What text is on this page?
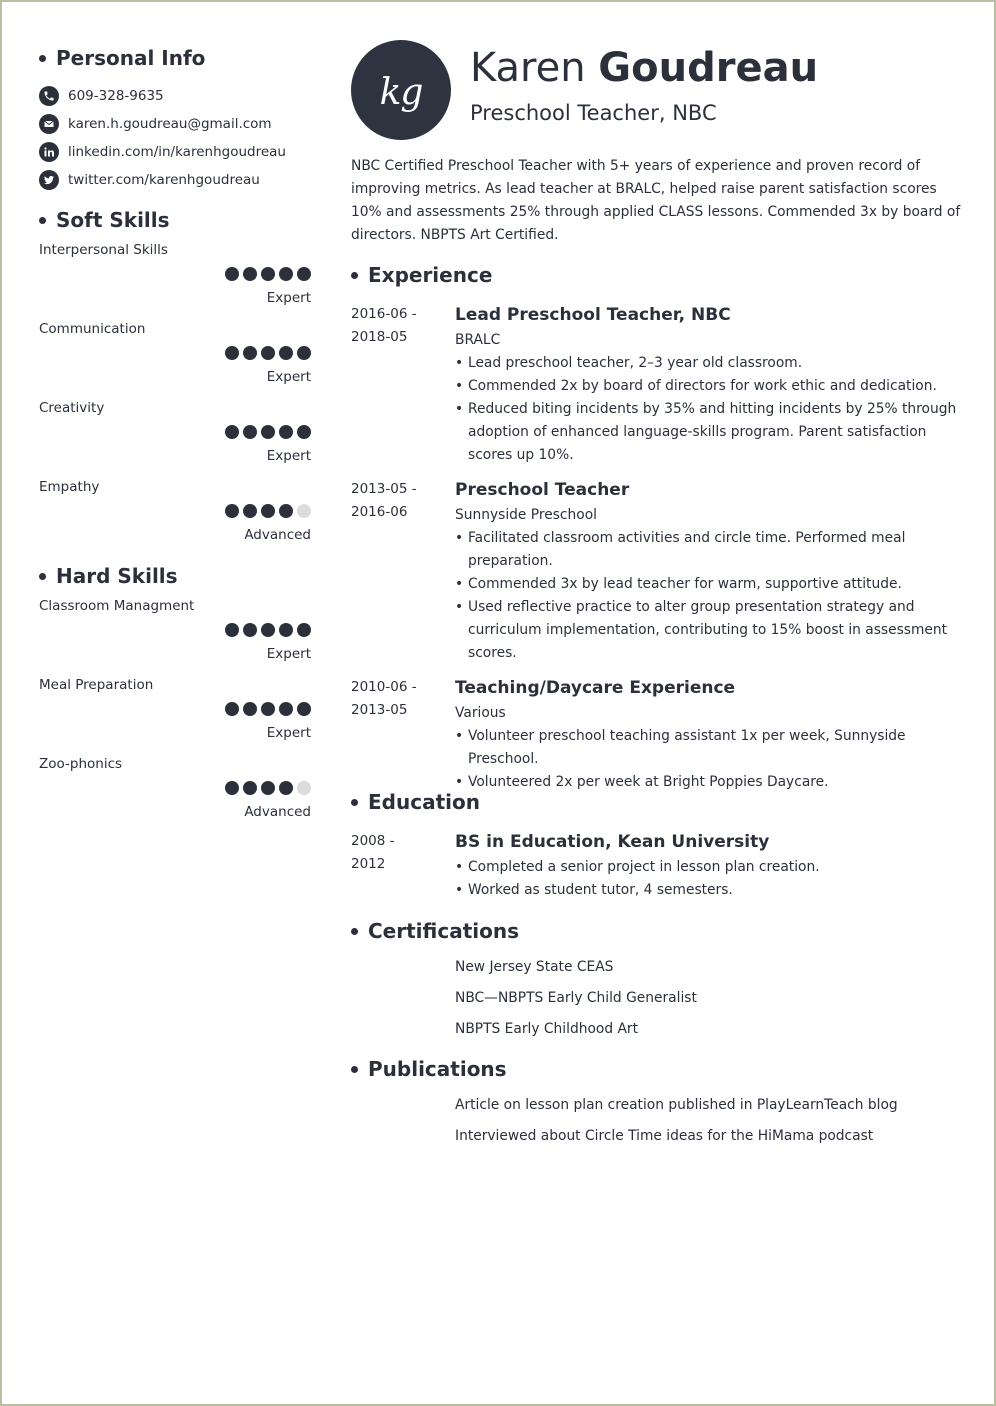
Personal Info
609-328-9635
karen.h.goudreau@gmail.com
linkedin.com/in/karenhgoudreau
twitter.com/karenhgoudreau
Soft Skills
Interpersonal Skills
Expert
Communication
Expert
Creativity
Expert
Empathy
Advanced
Hard Skills
Classroom Managment
Expert
Meal Preparation
Expert
Zoo-phonics
Advanced
kg
Karen Goudreau
Preschool Teacher, NBC
NBC Certified Preschool Teacher with 5+ years of experience and proven record of improving metrics. As lead teacher at BRALC, helped raise parent satisfaction scores 10% and assessments 25% through applied CLASS lessons. Commended 3x by board of directors. NBPTS Art Certified.
Experience
2016-06 -
2018-05
Lead Preschool Teacher, NBC
BRALC
• Lead preschool teacher, 2–3 year old classroom.
• Commended 2x by board of directors for work ethic and dedication.
• Reduced biting incidents by 35% and hitting incidents by 25% through adoption of enhanced language-skills program. Parent satisfaction scores up 10%.
2013-05 -
2016-06
Preschool Teacher
Sunnyside Preschool
• Facilitated classroom activities and circle time. Performed meal preparation.
• Commended 3x by lead teacher for warm, supportive attitude.
• Used reflective practice to alter group presentation strategy and curriculum implementation, contributing to 15% boost in assessment scores.
2010-06 -
2013-05
Teaching/Daycare Experience
Various
• Volunteer preschool teaching assistant 1x per week, Sunnyside Preschool.
• Volunteered 2x per week at Bright Poppies Daycare.
Education
2008 -
2012
BS in Education, Kean University
• Completed a senior project in lesson plan creation.
• Worked as student tutor, 4 semesters.
Certifications
New Jersey State CEAS
NBC—NBPTS Early Child Generalist
NBPTS Early Childhood Art
Publications
Article on lesson plan creation published in PlayLearnTeach blog
Interviewed about Circle Time ideas for the HiMama podcast
